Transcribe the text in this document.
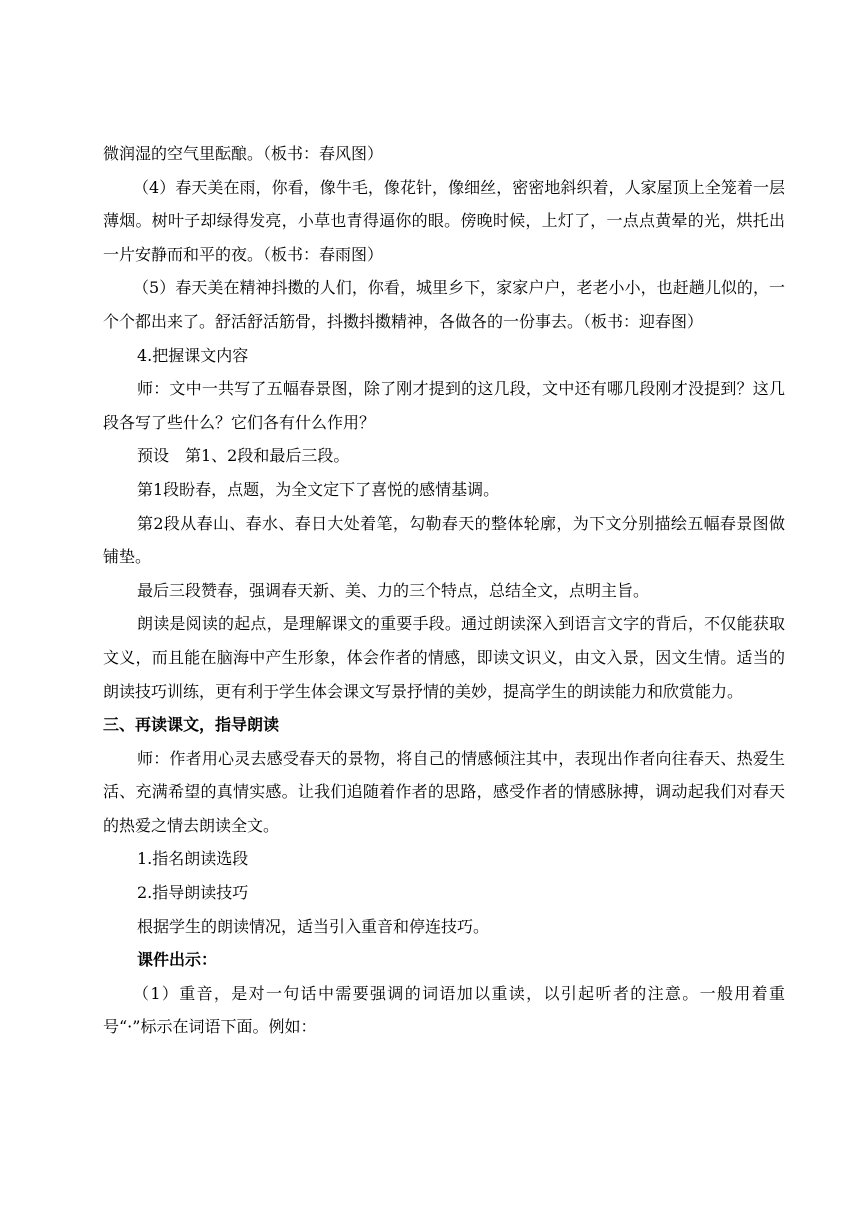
微润湿的空气里酝酿。（板书：春风图）

（4）春天美在雨，你看，像牛毛，像花针，像细丝，密密地斜织着，人家屋顶上全笼着一层薄烟。树叶子却绿得发亮，小草也青得逼你的眼。傍晚时候，上灯了，一点点黄晕的光，烘托出一片安静而和平的夜。（板书：春雨图）

（5）春天美在精神抖擞的人们，你看，城里乡下，家家户户，老老小小，也赶趟儿似的，一个个都出来了。舒活舒活筋骨，抖擞抖擞精神，各做各的一份事去。（板书：迎春图）

4.把握课文内容

师：文中一共写了五幅春景图，除了刚才提到的这几段，文中还有哪几段刚才没提到？这几段各写了些什么？它们各有什么作用？

预设　第1、2段和最后三段。

第1段盼春，点题，为全文定下了喜悦的感情基调。

第2段从春山、春水、春日大处着笔，勾勒春天的整体轮廓，为下文分别描绘五幅春景图做铺垫。

最后三段赞春，强调春天新、美、力的三个特点，总结全文，点明主旨。

朗读是阅读的起点，是理解课文的重要手段。通过朗读深入到语言文字的背后，不仅能获取文义，而且能在脑海中产生形象，体会作者的情感，即读文识义，由文入景，因文生情。适当的朗读技巧训练，更有利于学生体会课文写景抒情的美妙，提高学生的朗读能力和欣赏能力。

三、再读课文，指导朗读

师：作者用心灵去感受春天的景物，将自己的情感倾注其中，表现出作者向往春天、热爱生活、充满希望的真情实感。让我们追随着作者的思路，感受作者的情感脉搏，调动起我们对春天的热爱之情去朗读全文。

1.指名朗读选段

2.指导朗读技巧

根据学生的朗读情况，适当引入重音和停连技巧。

课件出示：

（1）重音，是对一句话中需要强调的词语加以重读，以引起听者的注意。一般用着重号“·”标示在词语下面。例如：
